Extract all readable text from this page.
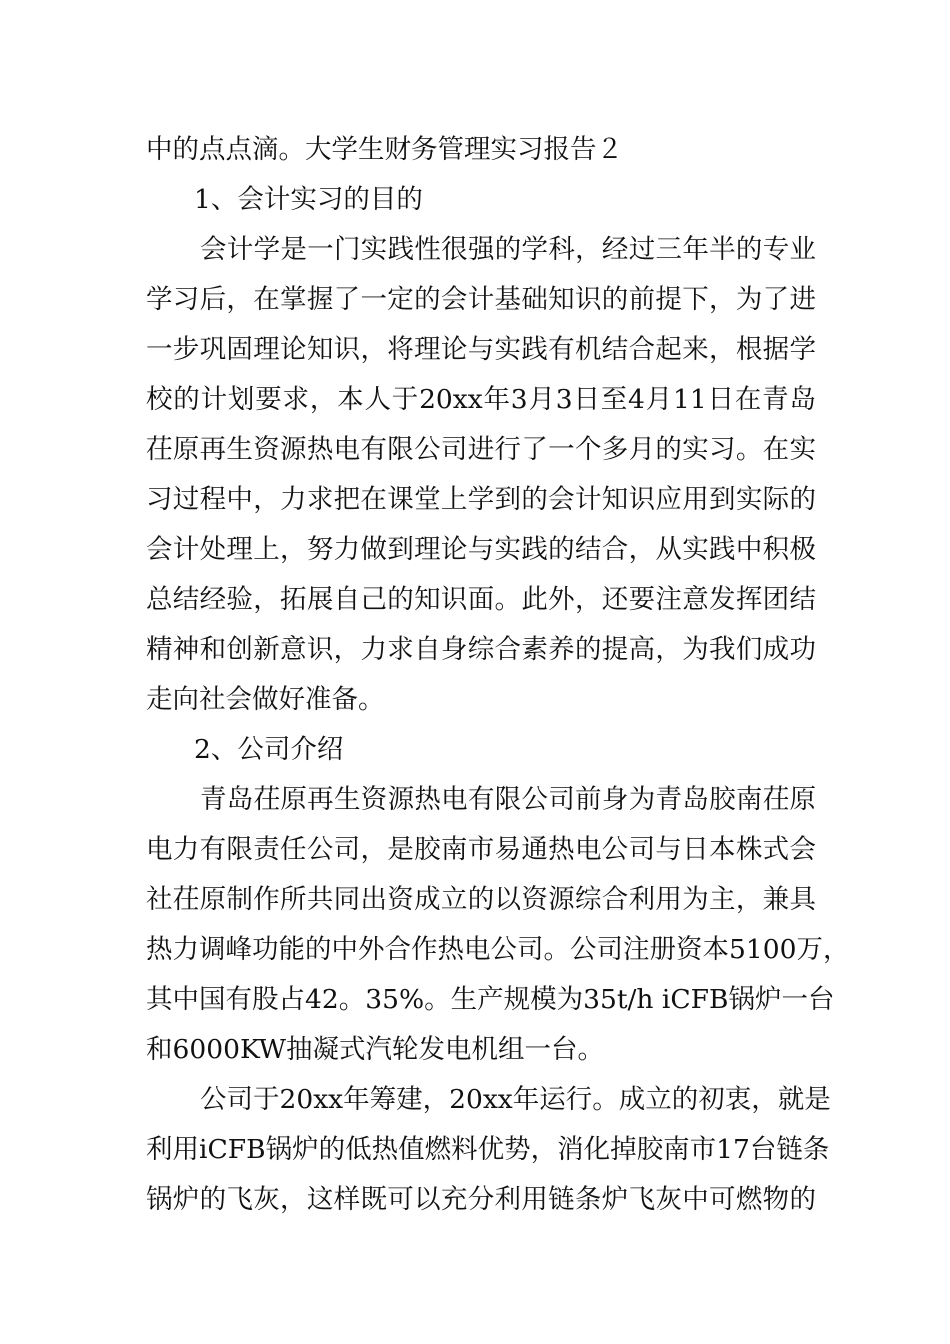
中的点点滴。大学生财务管理实习报告２
1、会计实习的目的
会计学是一门实践性很强的学科，经过三年半的专业
学习后，在掌握了一定的会计基础知识的前提下，为了进
一步巩固理论知识，将理论与实践有机结合起来，根据学
校的计划要求，本人于20xx年3月3日至4月11日在青岛
茌原再生资源热电有限公司进行了一个多月的实习。在实
习过程中，力求把在课堂上学到的会计知识应用到实际的
会计处理上，努力做到理论与实践的结合，从实践中积极
总结经验，拓展自己的知识面。此外，还要注意发挥团结
精神和创新意识，力求自身综合素养的提高，为我们成功
走向社会做好准备。
2、公司介绍
青岛茌原再生资源热电有限公司前身为青岛胶南茌原
电力有限责任公司，是胶南市易通热电公司与日本株式会
社茌原制作所共同出资成立的以资源综合利用为主，兼具
热力调峰功能的中外合作热电公司。公司注册资本5100万，
其中国有股占42。35%。生产规模为35t/h iCFB锅炉一台
和6000KW抽凝式汽轮发电机组一台。
公司于20xx年筹建，20xx年运行。成立的初衷，就是
利用iCFB锅炉的低热值燃料优势，消化掉胶南市17台链条
锅炉的飞灰，这样既可以充分利用链条炉飞灰中可燃物的
